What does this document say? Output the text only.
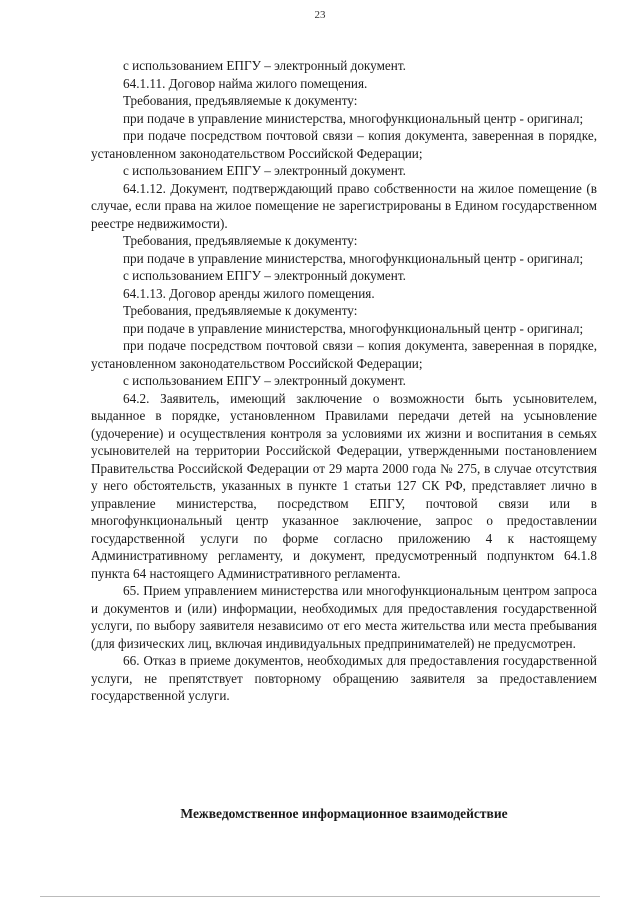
23

с использованием ЕПГУ – электронный документ.

64.1.11. Договор найма жилого помещения.

Требования, предъявляемые к документу:

при подаче в управление министерства, многофункциональный центр - оригинал;

при подаче посредством почтовой связи – копия документа, заверенная в порядке, установленном законодательством Российской Федерации;

с использованием ЕПГУ – электронный документ.

64.1.12. Документ, подтверждающий право собственности на жилое помещение (в случае, если права на жилое помещение не зарегистрированы в Едином государственном реестре недвижимости).

Требования, предъявляемые к документу:

при подаче в управление министерства, многофункциональный центр - оригинал;

с использованием ЕПГУ – электронный документ.

64.1.13. Договор аренды жилого помещения.

Требования, предъявляемые к документу:

при подаче в управление министерства, многофункциональный центр - оригинал;

при подаче посредством почтовой связи – копия документа, заверенная в порядке, установленном законодательством Российской Федерации;

с использованием ЕПГУ – электронный документ.

64.2. Заявитель, имеющий заключение о возможности быть усыновителем, выданное в порядке, установленном Правилами передачи детей на усыновление (удочерение) и осуществления контроля за условиями их жизни и воспитания в семьях усыновителей на территории Российской Федерации, утвержденными постановлением Правительства Российской Федерации от 29 марта 2000 года № 275, в случае отсутствия у него обстоятельств, указанных в пункте 1 статьи 127 СК РФ, представляет лично в управление министерства, посредством ЕПГУ, почтовой связи или в многофункциональный центр указанное заключение, запрос о предоставлении государственной услуги по форме согласно приложению 4 к настоящему Административному регламенту, и документ, предусмотренный подпунктом 64.1.8 пункта 64 настоящего Административного регламента.

65. Прием управлением министерства или многофункциональным центром запроса и документов и (или) информации, необходимых для предоставления государственной услуги, по выбору заявителя независимо от его места жительства или места пребывания (для физических лиц, включая индивидуальных предпринимателей) не предусмотрен.

66. Отказ в приеме документов, необходимых для предоставления государственной услуги, не препятствует повторному обращению заявителя за предоставлением государственной услуги.

Межведомственное информационное взаимодействие
